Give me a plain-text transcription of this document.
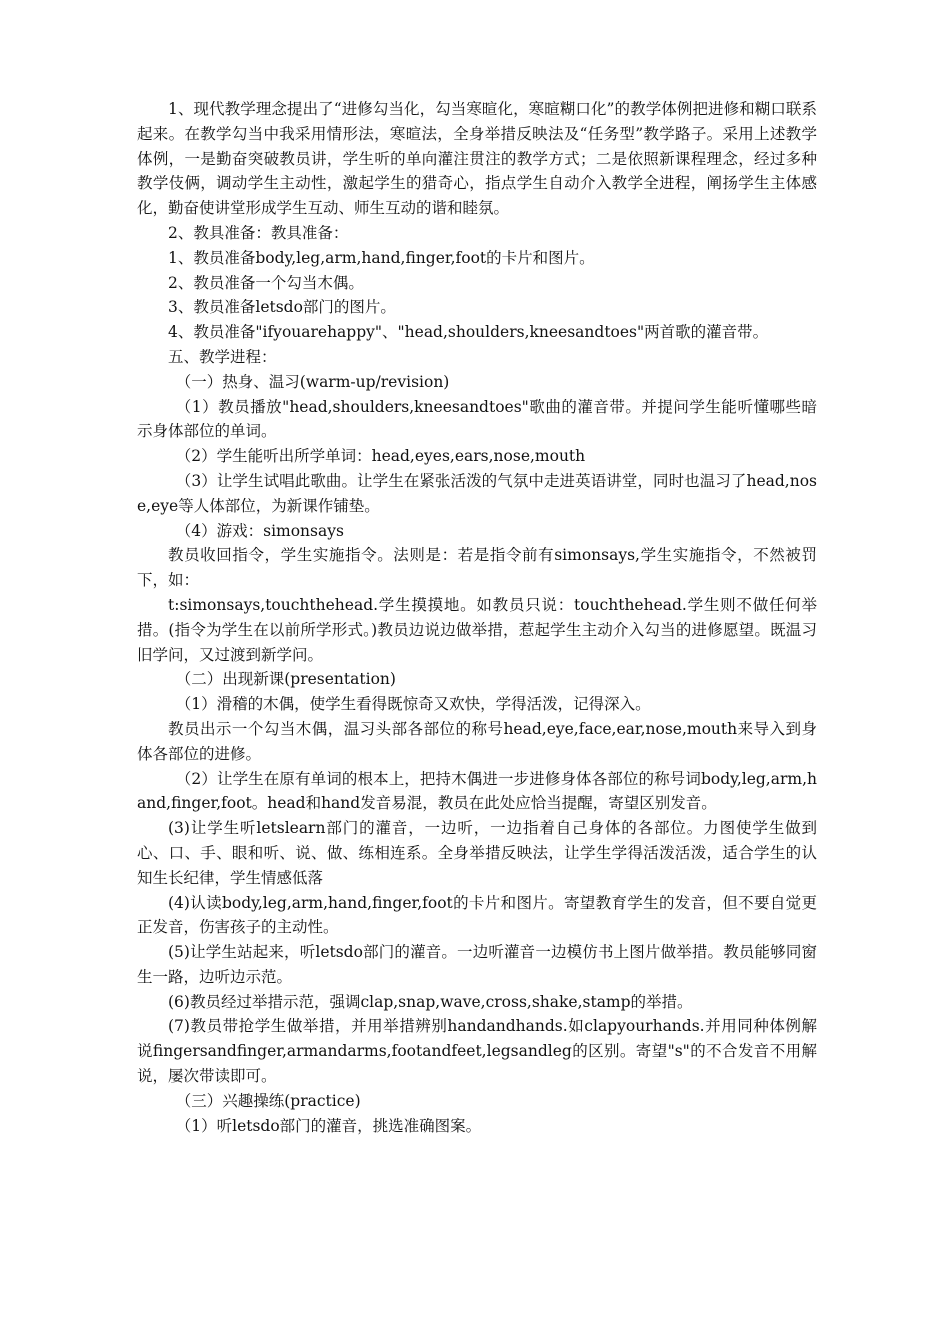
1、现代教学理念提出了“进修勾当化，勾当寒暄化，寒暄糊口化”的教学体例把进修和糊口联系起来。在教学勾当中我采用情形法，寒暄法，全身举措反映法及“任务型”教学路子。采用上述教学体例，一是勤奋突破教员讲，学生听的单向灌注贯注的教学方式；二是依照新课程理念，经过多种教学伎俩，调动学生主动性，激起学生的猎奇心，指点学生自动介入教学全进程，阐扬学生主体感化，勤奋使讲堂形成学生互动、师生互动的谐和睦氛。

2、教具准备：教具准备：

1、教员准备body,leg,arm,hand,finger,foot的卡片和图片。

2、教员准备一个勾当木偶。

3、教员准备letsdo部门的图片。

4、教员准备"ifyouarehappy"、"head,shoulders,kneesandtoes"两首歌的灌音带。

五、教学进程：

（一）热身、温习(warm-up/revision)

（1）教员播放"head,shoulders,kneesandtoes"歌曲的灌音带。并提问学生能听懂哪些暗示身体部位的单词。

（2）学生能听出所学单词：head,eyes,ears,nose,mouth

（3）让学生试唱此歌曲。让学生在紧张活泼的气氛中走进英语讲堂，同时也温习了head,nose,eye等人体部位，为新课作铺垫。

（4）游戏：simonsays

教员收回指令，学生实施指令。法则是：若是指令前有simonsays,学生实施指令，不然被罚下，如：

t:simonsays,touchthehead.学生摸摸地。如教员只说：touchthehead.学生则不做任何举措。(指令为学生在以前所学形式。)教员边说边做举措，惹起学生主动介入勾当的进修愿望。既温习旧学问，又过渡到新学问。

（二）出现新课(presentation)

（1）滑稽的木偶，使学生看得既惊奇又欢快，学得活泼，记得深入。

教员出示一个勾当木偶，温习头部各部位的称号head,eye,face,ear,nose,mouth来导入到身体各部位的进修。

（2）让学生在原有单词的根本上，把持木偶进一步进修身体各部位的称号词body,leg,arm,hand,finger,foot。head和hand发音易混，教员在此处应恰当提醒，寄望区别发音。

(3)让学生听letslearn部门的灌音，一边听，一边指着自己身体的各部位。力图使学生做到心、口、手、眼和听、说、做、练相连系。全身举措反映法，让学生学得活泼活泼，适合学生的认知生长纪律，学生情感低落

(4)认读body,leg,arm,hand,finger,foot的卡片和图片。寄望教育学生的发音，但不要自觉更正发音，伤害孩子的主动性。

(5)让学生站起来，听letsdo部门的灌音。一边听灌音一边模仿书上图片做举措。教员能够同窗生一路，边听边示范。

(6)教员经过举措示范，强调clap,snap,wave,cross,shake,stamp的举措。

(7)教员带抢学生做举措，并用举措辨别handandhands.如clapyourhands.并用同种体例解说fingersandfinger,armandarms,footandfeet,legsandleg的区别。寄望"s"的不合发音不用解说，屡次带读即可。

（三）兴趣操练(practice)

（1）听letsdo部门的灌音，挑选准确图案。
